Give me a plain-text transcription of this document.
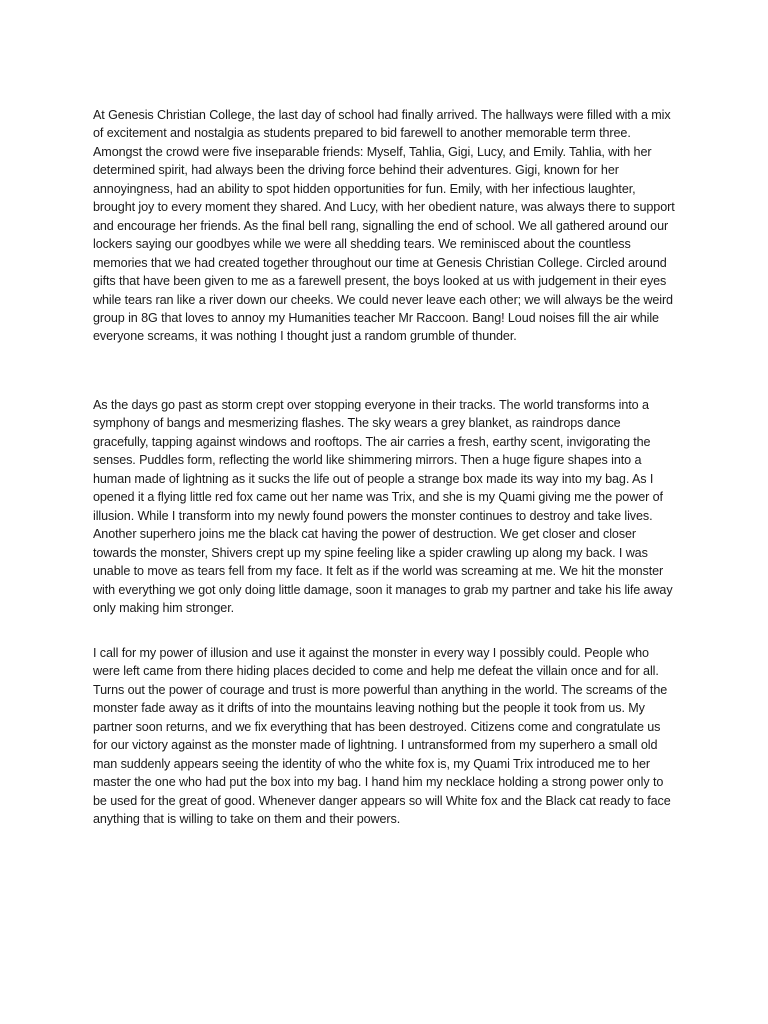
At Genesis Christian College, the last day of school had finally arrived. The hallways were filled with a mix of excitement and nostalgia as students prepared to bid farewell to another memorable term three. Amongst the crowd were five inseparable friends: Myself, Tahlia, Gigi, Lucy, and Emily. Tahlia, with her determined spirit, had always been the driving force behind their adventures. Gigi, known for her annoyingness, had an ability to spot hidden opportunities for fun. Emily, with her infectious laughter, brought joy to every moment they shared. And Lucy, with her obedient nature, was always there to support and encourage her friends. As the final bell rang, signalling the end of school. We all gathered around our lockers saying our goodbyes while we were all shedding tears. We reminisced about the countless memories that we had created together throughout our time at Genesis Christian College. Circled around gifts that have been given to me as a farewell present, the boys looked at us with judgement in their eyes while tears ran like a river down our cheeks. We could never leave each other; we will always be the weird group in 8G that loves to annoy my Humanities teacher Mr Raccoon. Bang! Loud noises fill the air while everyone screams, it was nothing I thought just a random grumble of thunder.

As the days go past as storm crept over stopping everyone in their tracks. The world transforms into a symphony of bangs and mesmerizing flashes. The sky wears a grey blanket, as raindrops dance gracefully, tapping against windows and rooftops. The air carries a fresh, earthy scent, invigorating the senses. Puddles form, reflecting the world like shimmering mirrors. Then a huge figure shapes into a human made of lightning as it sucks the life out of people a strange box made its way into my bag. As I opened it a flying little red fox came out her name was Trix, and she is my Quami giving me the power of illusion. While I transform into my newly found powers the monster continues to destroy and take lives. Another superhero joins me the black cat having the power of destruction. We get closer and closer towards the monster, Shivers crept up my spine feeling like a spider crawling up along my back. I was unable to move as tears fell from my face. It felt as if the world was screaming at me. We hit the monster with everything we got only doing little damage, soon it manages to grab my partner and take his life away only making him stronger.

I call for my power of illusion and use it against the monster in every way I possibly could. People who were left came from there hiding places decided to come and help me defeat the villain once and for all. Turns out the power of courage and trust is more powerful than anything in the world. The screams of the monster fade away as it drifts of into the mountains leaving nothing but the people it took from us. My partner soon returns, and we fix everything that has been destroyed. Citizens come and congratulate us for our victory against as the monster made of lightning. I untransformed from my superhero a small old man suddenly appears seeing the identity of who the white fox is, my Quami Trix introduced me to her master the one who had put the box into my bag. I hand him my necklace holding a strong power only to be used for the great of good. Whenever danger appears so will White fox and the Black cat ready to face anything that is willing to take on them and their powers.
